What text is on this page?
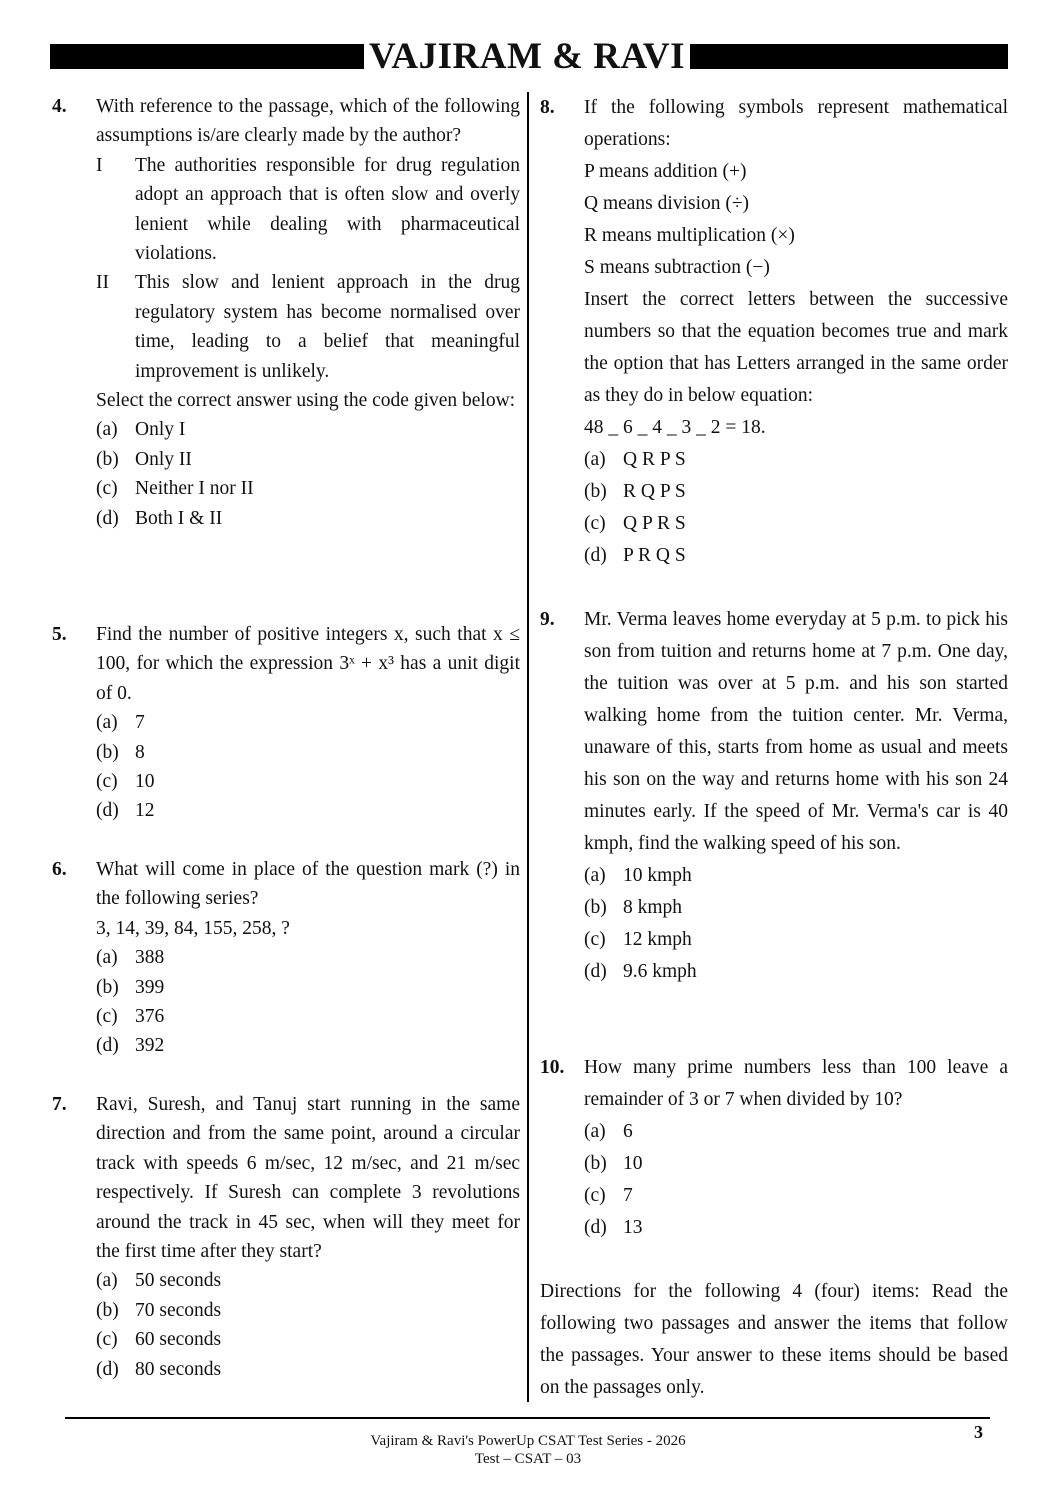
VAJIRAM & RAVI
4. With reference to the passage, which of the following assumptions is/are clearly made by the author?
I	The authorities responsible for drug regulation adopt an approach that is often slow and overly lenient while dealing with pharmaceutical violations.
II	This slow and lenient approach in the drug regulatory system has become normalised over time, leading to a belief that meaningful improvement is unlikely.
Select the correct answer using the code given below:
(a) Only I
(b) Only II
(c) Neither I nor II
(d) Both I & II
5. Find the number of positive integers x, such that x ≤ 100, for which the expression 3ˣ + x³ has a unit digit of 0.
(a) 7
(b) 8
(c) 10
(d) 12
6. What will come in place of the question mark (?) in the following series?
3, 14, 39, 84, 155, 258, ?
(a) 388
(b) 399
(c) 376
(d) 392
7. Ravi, Suresh, and Tanuj start running in the same direction and from the same point, around a circular track with speeds 6 m/sec, 12 m/sec, and 21 m/sec respectively. If Suresh can complete 3 revolutions around the track in 45 sec, when will they meet for the first time after they start?
(a) 50 seconds
(b) 70 seconds
(c) 60 seconds
(d) 80 seconds
8. If the following symbols represent mathematical operations:
P means addition (+)
Q means division (÷)
R means multiplication (×)
S means subtraction (−)
Insert the correct letters between the successive numbers so that the equation becomes true and mark the option that has Letters arranged in the same order as they do in below equation:
48 _ 6 _ 4 _ 3 _ 2 = 18.
(a) Q R P S
(b) R Q P S
(c) Q P R S
(d) P R Q S
9. Mr. Verma leaves home everyday at 5 p.m. to pick his son from tuition and returns home at 7 p.m. One day, the tuition was over at 5 p.m. and his son started walking home from the tuition center. Mr. Verma, unaware of this, starts from home as usual and meets his son on the way and returns home with his son 24 minutes early. If the speed of Mr. Verma's car is 40 kmph, find the walking speed of his son.
(a) 10 kmph
(b) 8 kmph
(c) 12 kmph
(d) 9.6 kmph
10. How many prime numbers less than 100 leave a remainder of 3 or 7 when divided by 10?
(a) 6
(b) 10
(c) 7
(d) 13
Directions for the following 4 (four) items: Read the following two passages and answer the items that follow the passages. Your answer to these items should be based on the passages only.
Vajiram & Ravi's PowerUp CSAT Test Series - 2026
Test – CSAT – 03
3
